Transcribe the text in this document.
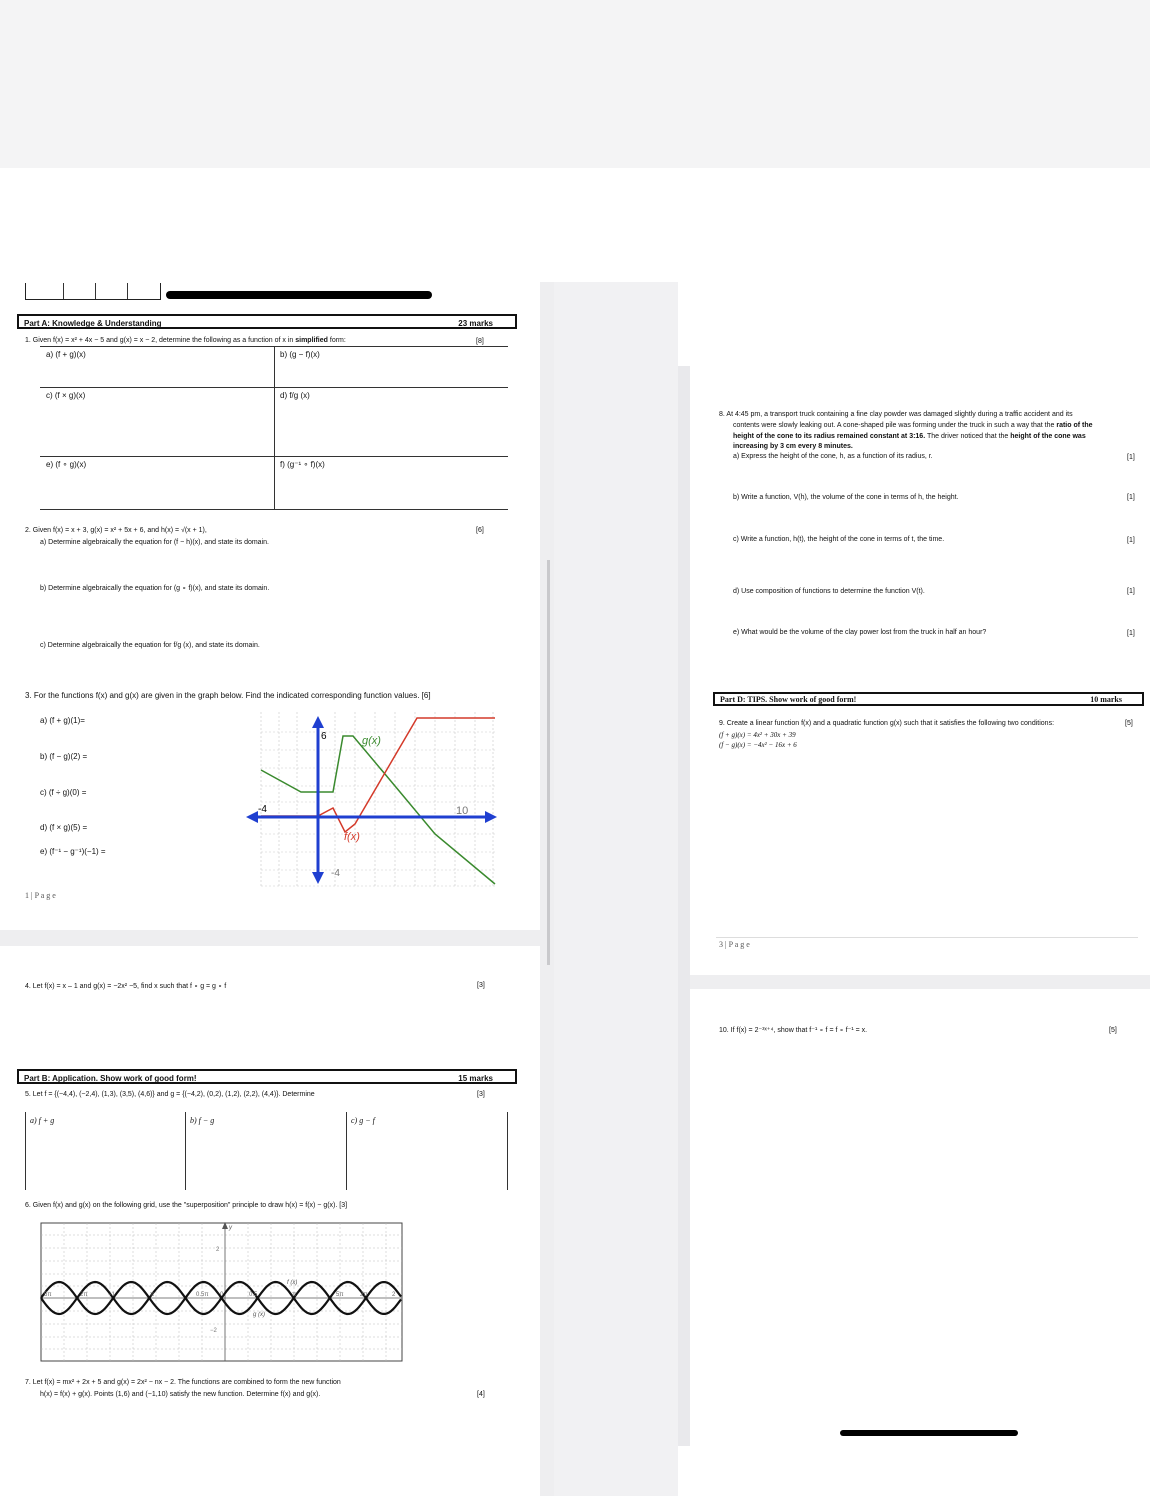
Part A: Knowledge & Understanding	23 marks
1. Given f(x) = x² + 4x − 5 and g(x) = x − 2, determine the following as a function of x in simplified form:	[8]
a) (f + g)(x)	b) (g − f)(x)
c) (f × g)(x)	d) f/g (x)
e) (f ∘ g)(x)	f) (g⁻¹ ∘ f)(x)
2. Given f(x) = x + 3, g(x) = x² + 5x + 6, and h(x) = √(x + 1),	[6]
a) Determine algebraically the equation for (f − h)(x), and state its domain.
b) Determine algebraically the equation for (g ∘ f)(x), and state its domain.
c) Determine algebraically the equation for f/g (x), and state its domain.
3. For the functions f(x) and g(x) are given in the graph below. Find the indicated corresponding function values. [6]
a) (f + g)(1)=
b) (f − g)(2) =
c) (f ÷ g)(0) =
d) (f × g)(5) =
e) (f⁻¹ − g⁻¹)(−1) =
6
-4	10
-4
g(x)
f(x)
1 | P a g e
4. Let f(x) = x – 1 and g(x) = −2x² −5, find x such that f ∘ g = g ∘ f	[3]
Part B: Application. Show work of good form!	15 marks
5. Let f = {(−4,4), (−2,4), (1,3), (3,5), (4,6)} and g = {(−4,2), (0,2), (1,2), (2,2), (4,4)}. Determine	[3]
a) f + g	b) f − g	c) g − f
6. Given f(x) and g(x) on the following grid, use the "superposition" principle to draw h(x) = f(x) − g(x). [3]
y
2
−2
f (x)
g (x)
5π	2π	−1	π	0.5π 0	0.5	π	5π	2π	2
7. Let f(x) = mx² + 2x + 5 and g(x) = 2x² − nx − 2. The functions are combined to form the new function
h(x) = f(x) + g(x). Points (1,6) and (−1,10) satisfy the new function. Determine f(x) and g(x).	[4]
8. At 4:45 pm, a transport truck containing a fine clay powder was damaged slightly during a traffic accident and its
contents were slowly leaking out. A cone-shaped pile was forming under the truck in such a way that the ratio of the
height of the cone to its radius remained constant at 3:16. The driver noticed that the height of the cone was
increasing by 3 cm every 8 minutes.
a) Express the height of the cone, h, as a function of its radius, r.	[1]
b) Write a function, V(h), the volume of the cone in terms of h, the height.	[1]
c) Write a function, h(t), the height of the cone in terms of t, the time.	[1]
d) Use composition of functions to determine the function V(t).	[1]
e) What would be the volume of the clay power lost from the truck in half an hour?	[1]
Part D: TIPS. Show work of good form!	10 marks
9. Create a linear function f(x) and a quadratic function g(x) such that it satisfies the following two conditions:	[5]
(f + g)(x) = 4x² + 30x + 39
(f − g)(x) = −4x² − 16x + 6
3 | P a g e
10. If f(x) = 2⁻³ˣ⁺⁴, show that f⁻¹ ∘ f = f ∘ f⁻¹ = x.	[5]
